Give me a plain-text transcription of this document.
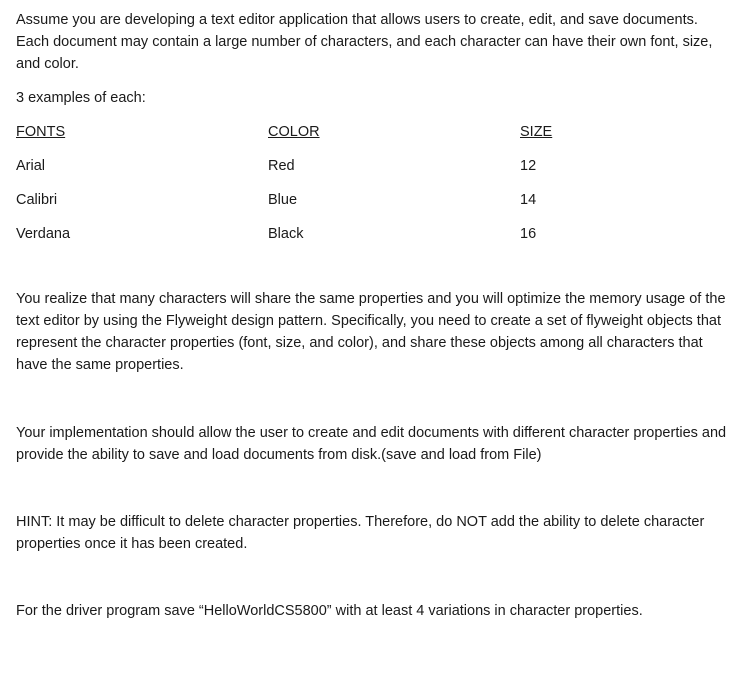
Assume you are developing a text editor application that allows users to create, edit, and save documents. Each document may contain a large number of characters, and each character can have their own font, size, and color.

3 examples of each:

FONTS	COLOR	SIZE
Arial	Red	12
Calibri	Blue	14
Verdana	Black	16

You realize that many characters will share the same properties and you will optimize the memory usage of the text editor by using the Flyweight design pattern. Specifically, you need to create a set of flyweight objects that represent the character properties (font, size, and color), and share these objects among all characters that have the same properties.

Your implementation should allow the user to create and edit documents with different character properties and provide the ability to save and load documents from disk.(save and load from File)

HINT: It may be difficult to delete character properties. Therefore, do NOT add the ability to delete character properties once it has been created.

For the driver program save “HelloWorldCS5800” with at least 4 variations in character properties.
